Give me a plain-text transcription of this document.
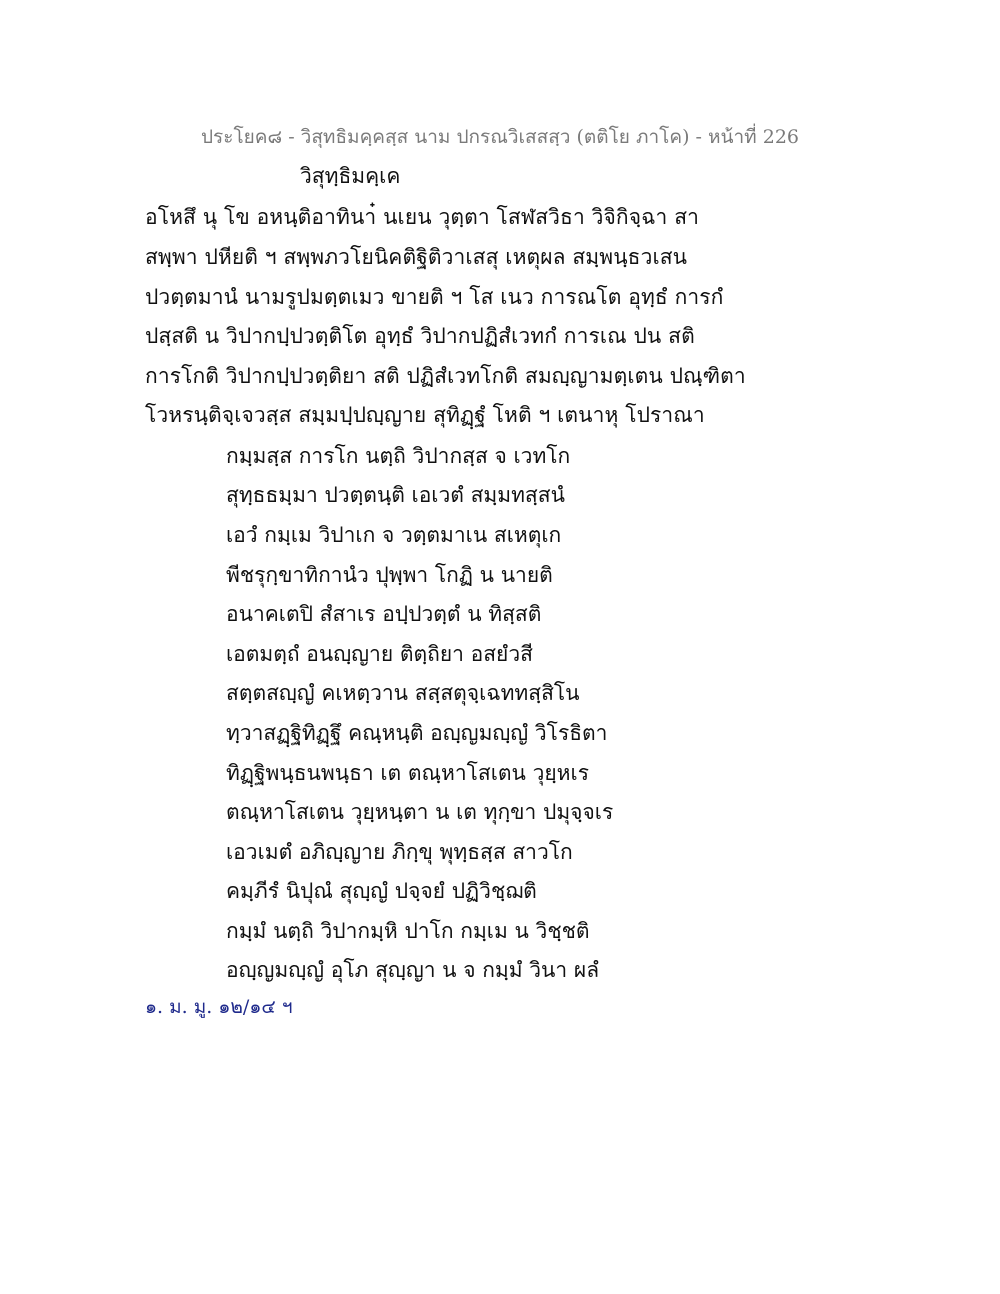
ประโยค๘ - วิสุทธิมคฺคสฺส นาม ปกรณวิเสสสฺว (ตติโย ภาโค) - หน้าที่ 226
วิสุทฺธิมคฺเค
อโหสึ นุ โข อหนฺติอาทินา๋ นเยน วุตฺตา โสฬสวิธา วิจิกิจฺฉา สา
สพฺพา ปหียติ ฯ สพฺพภวโยนิคติฐิติวาเสสุ เหตุผล สมฺพนฺธวเสน
ปวตฺตมานํ นามรูปมตฺตเมว ขายติ ฯ โส เนว การณโต อุทฺธํ การกํ
ปสฺสติ น วิปากปฺปวตฺติโต อุทฺธํ วิปากปฏิสํเวทกํ การเณ ปน สติ
การโกติ วิปากปฺปวตฺติยา สติ ปฏิสํเวทโกติ สมญฺญามตฺเตน ปณฺฑิตา
โวหรนฺติจฺเจวสฺส สมฺมปฺปญฺญาย สุทิฏฺฐํ โหติ ฯ เตนาหุ โปราณา
กมฺมสฺส การโก นตฺถิ วิปากสฺส จ เวทโก
สุทฺธธมฺมา ปวตฺตนฺติ เอเวตํ สมฺมทสฺสนํ
เอวํ กมฺเม วิปาเก จ วตฺตมาเน สเหตุเก
พีชรุกฺขาทิกานํว ปุพฺพา โกฏิ น นายติ
อนาคเตปิ สํสาเร อปฺปวตฺตํ น ทิสฺสติ
เอตมตฺถํ อนญฺญาย ติตฺถิยา อสยํวสี
สตฺตสญฺญํ คเหตฺวาน สสฺสตุจฺเฉททสฺสิโน
ทฺวาสฏฺฐิทิฏฺฐึ คณฺหนฺติ อญฺญมญฺญํ วิโรธิตา
ทิฏฺฐิพนฺธนพนฺธา เต ตณฺหาโสเตน วุยฺหเร
ตณฺหาโสเตน วุยฺหนฺตา น เต ทุกฺขา ปมุจฺจเร
เอวเมตํ อภิญฺญาย ภิกฺขุ พุทฺธสฺส สาวโก
คมฺภีรํ นิปุณํ สุญฺญํ ปจฺจยํ ปฏิวิชฺฌติ
กมฺมํ นตฺถิ วิปากมฺหิ ปาโก กมฺเม น วิชฺชติ
อญฺญมญฺญํ อุโภ สุญฺญา น จ กมฺมํ วินา ผลํ
๑. ม. มู. ๑๒/๑๔ ฯ
